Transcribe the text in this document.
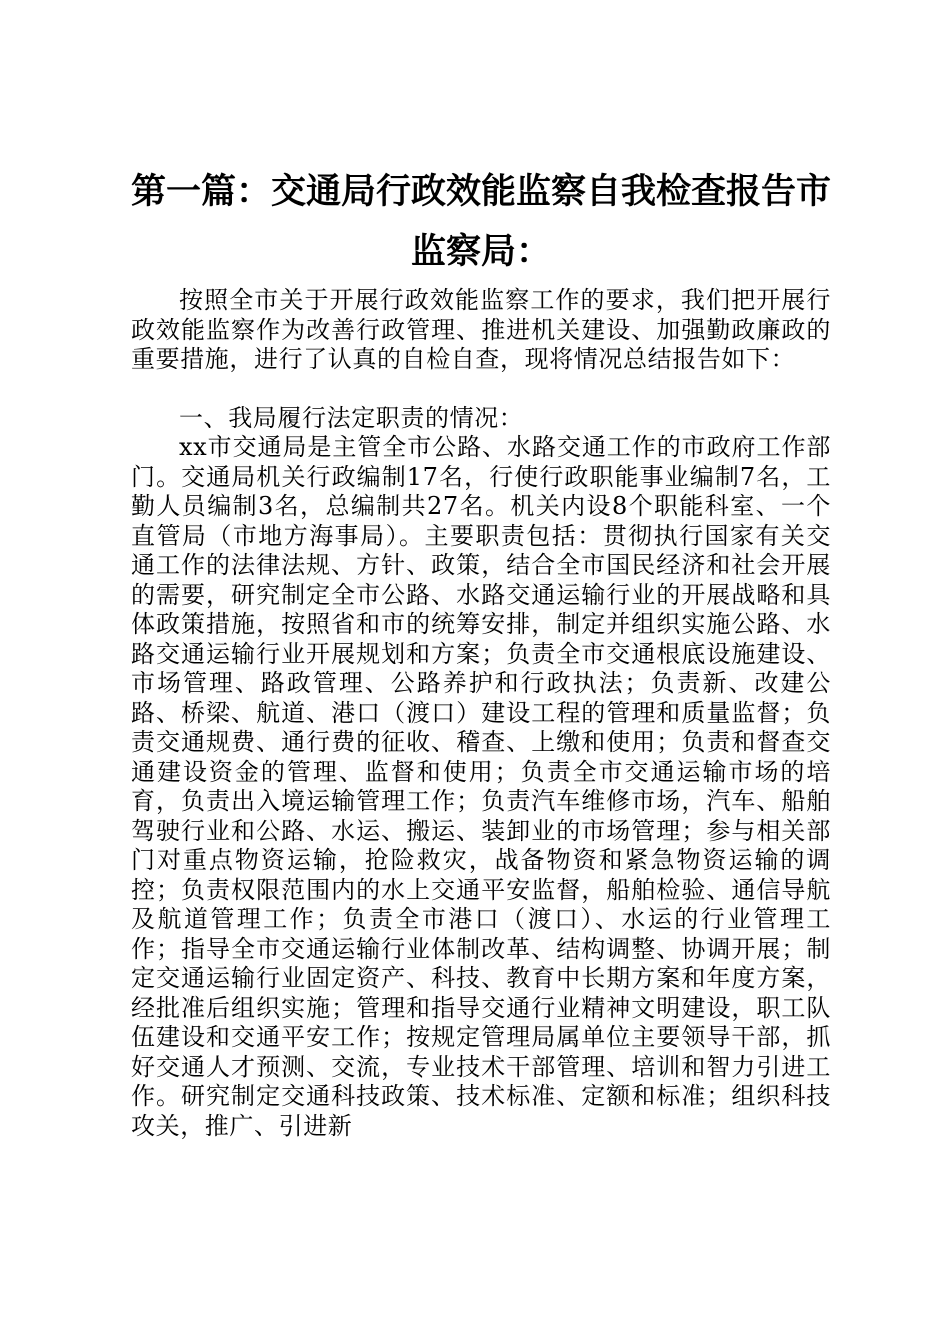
第一篇：交通局行政效能监察自我检查报告市
监察局：

按照全市关于开展行政效能监察工作的要求，我们把开展行政效能监察作为改善行政管理、推进机关建设、加强勤政廉政的重要措施，进行了认真的自检自查，现将情况总结报告如下：

一、我局履行法定职责的情况：

xx市交通局是主管全市公路、水路交通工作的市政府工作部门。交通局机关行政编制17名，行使行政职能事业编制7名，工勤人员编制3名，总编制共27名。机关内设8个职能科室、一个直管局（市地方海事局）。主要职责包括：贯彻执行国家有关交通工作的法律法规、方针、政策，结合全市国民经济和社会开展的需要，研究制定全市公路、水路交通运输行业的开展战略和具体政策措施，按照省和市的统筹安排，制定并组织实施公路、水路交通运输行业开展规划和方案；负责全市交通根底设施建设、市场管理、路政管理、公路养护和行政执法；负责新、改建公路、桥梁、航道、港口（渡口）建设工程的管理和质量监督；负责交通规费、通行费的征收、稽查、上缴和使用；负责和督查交通建设资金的管理、监督和使用；负责全市交通运输市场的培育，负责出入境运输管理工作；负责汽车维修市场，汽车、船舶驾驶行业和公路、水运、搬运、装卸业的市场管理；参与相关部门对重点物资运输，抢险救灾，战备物资和紧急物资运输的调控；负责权限范围内的水上交通平安监督，船舶检验、通信导航及航道管理工作；负责全市港口（渡口）、水运的行业管理工作；指导全市交通运输行业体制改革、结构调整、协调开展；制定交通运输行业固定资产、科技、教育中长期方案和年度方案，经批准后组织实施；管理和指导交通行业精神文明建设，职工队伍建设和交通平安工作；按规定管理局属单位主要领导干部，抓好交通人才预测、交流，专业技术干部管理、培训和智力引进工作。研究制定交通科技政策、技术标准、定额和标准；组织科技攻关，推广、引进新
